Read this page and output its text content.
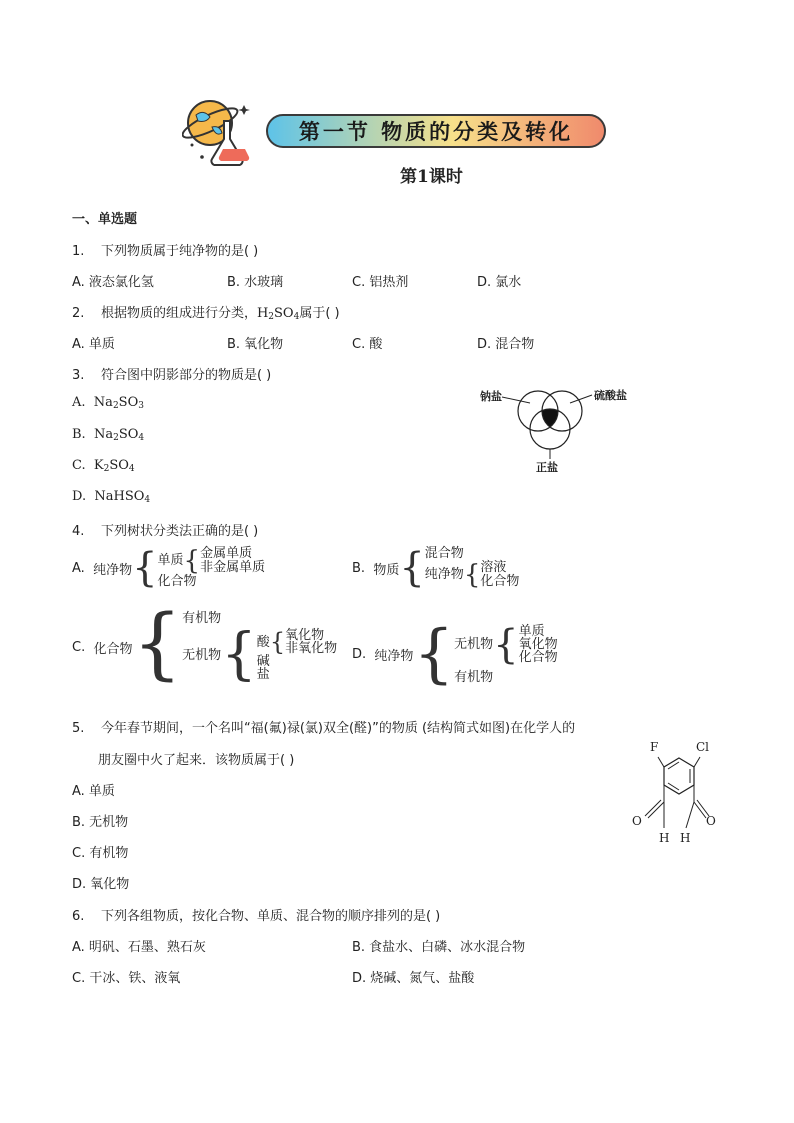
第一节 物质的分类及转化
第1课时
一、单选题
1. 下列物质属于纯净物的是( )
A. 液态氯化氢	B. 水玻璃	C. 铝热剂	D. 氯水
2. 根据物质的组成进行分类，$H_2SO_4$属于( )
A. 单质	B. 氧化物	C. 酸	D. 混合物
3. 符合图中阴影部分的物质是( )
A. $Na_2SO_3$
B. $Na_2SO_4$
C. $K_2SO_4$
D. NaHSO$_4$
钠盐	硫酸盐
正盐
4. 下列树状分类法正确的是( )
A.
纯净物 { 单质 { 金属单质
非金属单质
化合物
B.
物质 { 混合物
纯净物 { 溶液
化合物
C.
化合物 { 有机物
无机物 { 酸 { 氧化物
非氧化物
碱
盐
D.
纯净物 { 无机物 { 单质
氧化物
化合物
有机物
5. 今年春节期间，一个名叫“福(氟)禄(氯)双全(醛)”的物质 (结构简式如图)在化学人的
朋友圈中火了起来．该物质属于( )
A. 单质
B. 无机物
C. 有机物
D. 氧化物
F	Cl
O	O
H H
6. 下列各组物质，按化合物、单质、混合物的顺序排列的是( )
A. 明矾、石墨、熟石灰	B. 食盐水、白磷、冰水混合物
C. 干冰、铁、液氧	D. 烧碱、氮气、盐酸
